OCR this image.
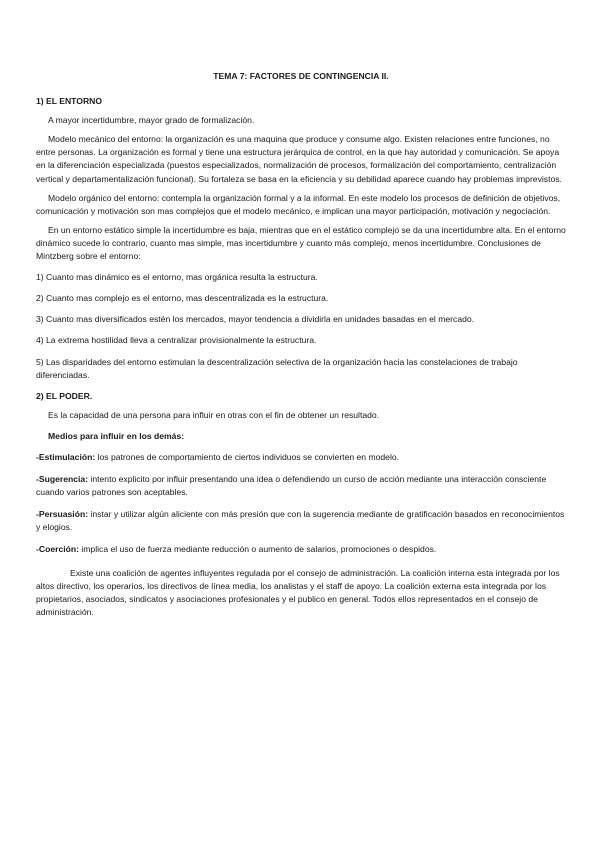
TEMA 7: FACTORES DE CONTINGENCIA II.
1) EL ENTORNO

A mayor incertidumbre, mayor grado de formalización.

Modelo mecánico del entorno: la organización es una maquina que produce y consume algo. Existen relaciones entre funciones, no entre personas. La organización es formal y tiene una estructura jerárquica de control, en la que hay autoridad y comunicación. Se apoya en la diferenciación especializada (puestos especializados, normalización de procesos, formalización del comportamiento, centralización vertical y departamentalización funcional). Su fortaleza se basa en la eficiencia y su debilidad aparece cuando hay problemas imprevistos.

Modelo orgánico del entorno: contempla la organización formal y a la informal. En este modelo los procesos de definición de objetivos, comunicación y motivación son mas complejos que el modelo mecánico, e implican una mayor participación, motivación y negociación.

En un entorno estático simple la incertidumbre es baja, mientras que en el estático complejo se da una incertidumbre alta. En el entorno dinámico sucede lo contrario, cuanto mas simple, mas incertidumbre y cuanto más complejo, menos incertidumbre. Conclusiones de Mintzberg sobre el entorno:

1) Cuanto mas dinámico es el entorno, mas orgánica resulta la estructura.

2) Cuanto mas complejo es el entorno, mas descentralizada es la estructura.

3) Cuanto mas diversificados estén los mercados, mayor tendencia a dividirla en unidades basadas en el mercado.

4) La extrema hostilidad lleva a centralizar provisionalmente la estructura.

5) Las disparidades del entorno estimulan la descentralización selectiva de la organización hacia las constelaciones de trabajo diferenciadas.

2) EL PODER.

Es la capacidad de una persona para influir en otras con el fin de obtener un resultado.

Medios para influir en los demás:

-Estimulación: los patrones de comportamiento de ciertos individuos se convierten en modelo.

-Sugerencia: intento explicito por influir presentando una idea o defendiendo un curso de acción mediante una interacción consciente cuando varios patrones son aceptables.

-Persuasión: instar y utilizar algún aliciente con más presión que con la sugerencia mediante de gratificación basados en reconocimientos y elogios.

-Coerción: implica el uso de fuerza mediante reducción o aumento de salarios, promociones o despidos.

Existe una coalición de agentes influyentes regulada por el consejo de administración. La coalición interna esta integrada por los altos directivo, los operarios, los directivos de línea media, los analistas y el staff de apoyo. La coalición externa esta integrada por los propietarios, asociados, sindicatos y asociaciones profesionales y el publico en general. Todos ellos representados en el consejo de administración.
